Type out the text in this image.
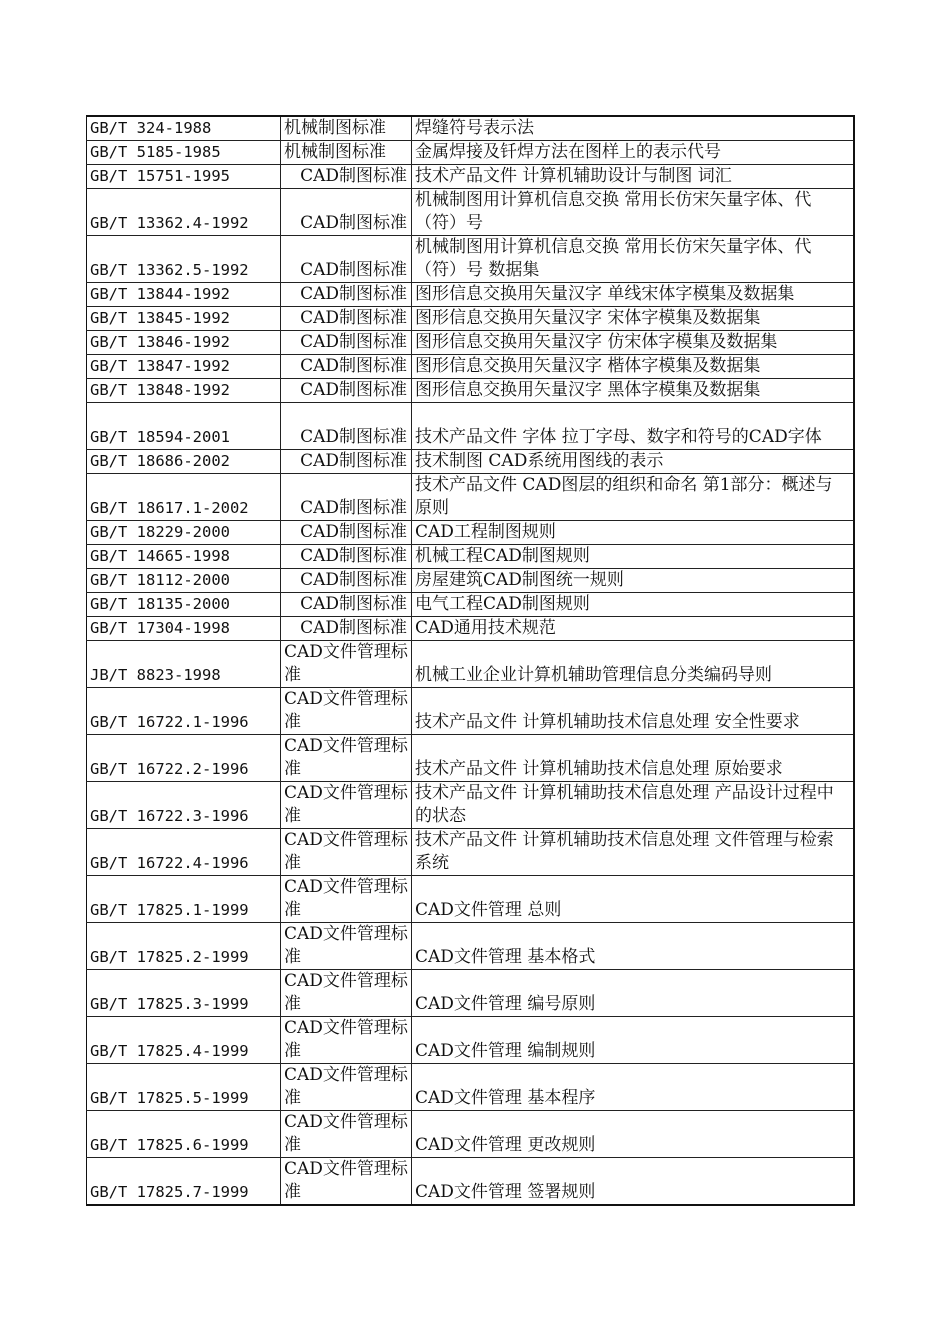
GB/T 324-1988	机械制图标准	焊缝符号表示法
GB/T 5185-1985	机械制图标准	金属焊接及钎焊方法在图样上的表示代号
GB/T 15751-1995	CAD制图标准	技术产品文件 计算机辅助设计与制图 词汇
GB/T 13362.4-1992	CAD制图标准	机械制图用计算机信息交换 常用长仿宋矢量字体、代（符）号
GB/T 13362.5-1992	CAD制图标准	机械制图用计算机信息交换 常用长仿宋矢量字体、代（符）号 数据集
GB/T 13844-1992	CAD制图标准	图形信息交换用矢量汉字 单线宋体字模集及数据集
GB/T 13845-1992	CAD制图标准	图形信息交换用矢量汉字 宋体字模集及数据集
GB/T 13846-1992	CAD制图标准	图形信息交换用矢量汉字 仿宋体字模集及数据集
GB/T 13847-1992	CAD制图标准	图形信息交换用矢量汉字 楷体字模集及数据集
GB/T 13848-1992	CAD制图标准	图形信息交换用矢量汉字 黑体字模集及数据集
GB/T 18594-2001	CAD制图标准	技术产品文件 字体 拉丁字母、数字和符号的CAD字体
GB/T 18686-2002	CAD制图标准	技术制图 CAD系统用图线的表示
GB/T 18617.1-2002	CAD制图标准	技术产品文件 CAD图层的组织和命名 第1部分：概述与原则
GB/T 18229-2000	CAD制图标准	CAD工程制图规则
GB/T 14665-1998	CAD制图标准	机械工程CAD制图规则
GB/T 18112-2000	CAD制图标准	房屋建筑CAD制图统一规则
GB/T 18135-2000	CAD制图标准	电气工程CAD制图规则
GB/T 17304-1998	CAD制图标准	CAD通用技术规范
JB/T 8823-1998	CAD文件管理标准	机械工业企业计算机辅助管理信息分类编码导则
GB/T 16722.1-1996	CAD文件管理标准	技术产品文件 计算机辅助技术信息处理 安全性要求
GB/T 16722.2-1996	CAD文件管理标准	技术产品文件 计算机辅助技术信息处理 原始要求
GB/T 16722.3-1996	CAD文件管理标准	技术产品文件 计算机辅助技术信息处理 产品设计过程中的状态
GB/T 16722.4-1996	CAD文件管理标准	技术产品文件 计算机辅助技术信息处理 文件管理与检索系统
GB/T 17825.1-1999	CAD文件管理标准	CAD文件管理 总则
GB/T 17825.2-1999	CAD文件管理标准	CAD文件管理 基本格式
GB/T 17825.3-1999	CAD文件管理标准	CAD文件管理 编号原则
GB/T 17825.4-1999	CAD文件管理标准	CAD文件管理 编制规则
GB/T 17825.5-1999	CAD文件管理标准	CAD文件管理 基本程序
GB/T 17825.6-1999	CAD文件管理标准	CAD文件管理 更改规则
GB/T 17825.7-1999	CAD文件管理标准	CAD文件管理 签署规则
